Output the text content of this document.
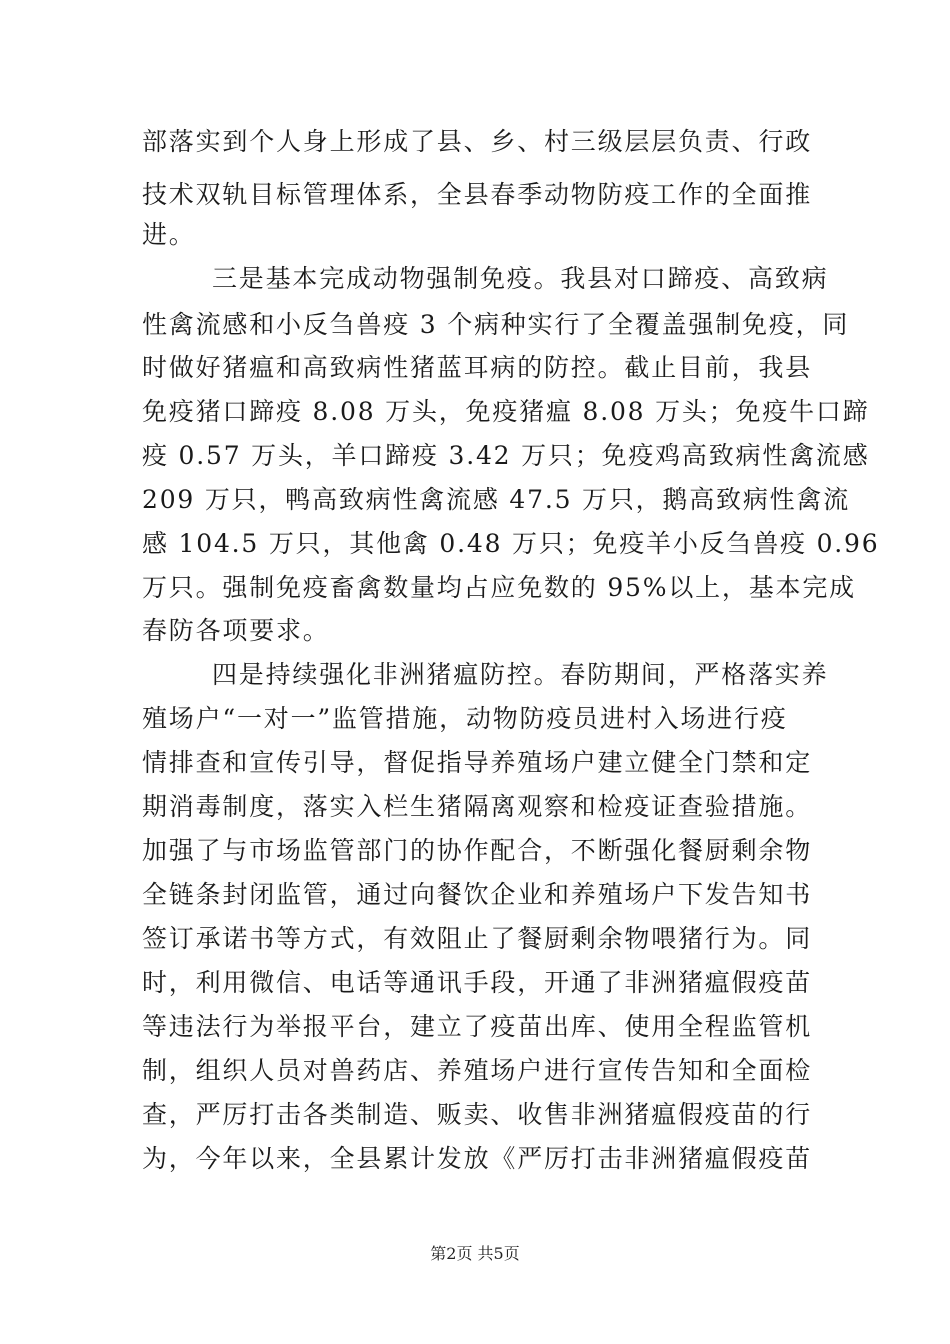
部落实到个人身上形成了县、乡、村三级层层负责、行政
技术双轨目标管理体系，全县春季动物防疫工作的全面推
进。
三是基本完成动物强制免疫。我县对口蹄疫、高致病
性禽流感和小反刍兽疫 3 个病种实行了全覆盖强制免疫，同
时做好猪瘟和高致病性猪蓝耳病的防控。截止目前，我县
免疫猪口蹄疫 8.08 万头，免疫猪瘟 8.08 万头；免疫牛口蹄
疫 0.57 万头，羊口蹄疫 3.42 万只；免疫鸡高致病性禽流感
209 万只，鸭高致病性禽流感 47.5 万只，鹅高致病性禽流
感 104.5 万只，其他禽 0.48 万只；免疫羊小反刍兽疫 0.96
万只。强制免疫畜禽数量均占应免数的 95%以上，基本完成
春防各项要求。
四是持续强化非洲猪瘟防控。春防期间，严格落实养
殖场户“一对一”监管措施，动物防疫员进村入场进行疫
情排查和宣传引导，督促指导养殖场户建立健全门禁和定
期消毒制度，落实入栏生猪隔离观察和检疫证查验措施。
加强了与市场监管部门的协作配合，不断强化餐厨剩余物
全链条封闭监管，通过向餐饮企业和养殖场户下发告知书
签订承诺书等方式，有效阻止了餐厨剩余物喂猪行为。同
时，利用微信、电话等通讯手段，开通了非洲猪瘟假疫苗
等违法行为举报平台，建立了疫苗出库、使用全程监管机
制，组织人员对兽药店、养殖场户进行宣传告知和全面检
查，严厉打击各类制造、贩卖、收售非洲猪瘟假疫苗的行
为，今年以来，全县累计发放《严厉打击非洲猪瘟假疫苗
第2页 共5页
